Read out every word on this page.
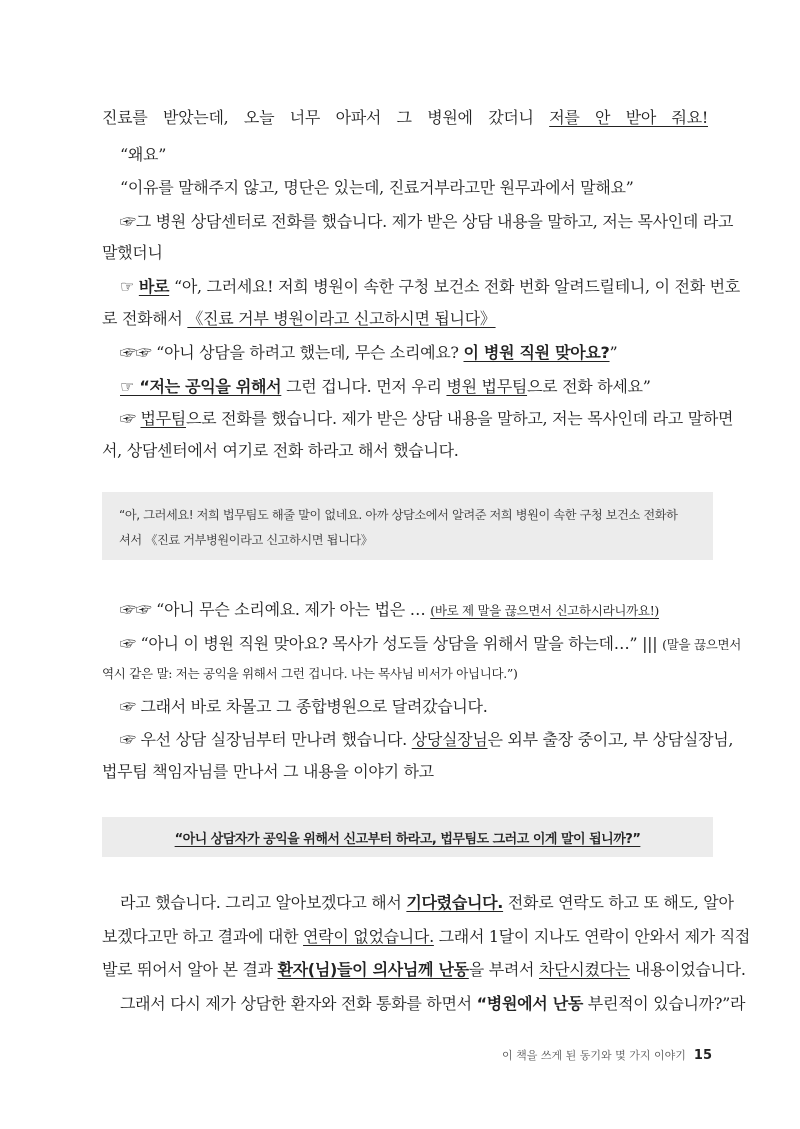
진료를 받았는데, 오늘 너무 아파서 그 병원에 갔더니 저를 안 받아 줘요!
“왜요”
“이유를 말해주지 않고, 명단은 있는데, 진료거부라고만 원무과에서 말해요”
☞그 병원 상담센터로 전화를 했습니다. 제가 받은 상담 내용을 말하고, 저는 목사인데 라고
말했더니
☞ 바로 “아, 그러세요! 저희 병원이 속한 구청 보건소 전화 번화 알려드릴테니, 이 전화 번호
로 전화해서 《진료 거부 병원이라고 신고하시면 됩니다》
☞☞ “아니 상담을 하려고 했는데, 무슨 소리예요? 이 병원 직원 맞아요?”
☞ “저는 공익을 위해서 그런 겁니다. 먼저 우리 병원 법무팀으로 전화 하세요”
☞ 법무팀으로 전화를 했습니다. 제가 받은 상담 내용을 말하고, 저는 목사인데 라고 말하면
서, 상담센터에서 여기로 전화 하라고 해서 했습니다.
“아, 그러세요! 저희 법무팀도 해줄 말이 없네요. 아까 상담소에서 알려준 저희 병원이 속한 구청 보건소 전화하
셔서 《진료 거부병원이라고 신고하시면 됩니다》
☞☞ “아니 무슨 소리예요. 제가 아는 법은 … (바로 제 말을 끊으면서 신고하시라니까요!)
☞ “아니 이 병원 직원 맞아요? 목사가 성도들 상담을 위해서 말을 하는데…” ||| (말을 끊으면서
역시 같은 말: 저는 공익을 위해서 그런 겁니다. 나는 목사님 비서가 아닙니다.”)
☞ 그래서 바로 차몰고 그 종합병원으로 달려갔습니다.
☞ 우선 상담 실장님부터 만나려 했습니다. 상당실장님은 외부 출장 중이고, 부 상담실장님,
법무팀 책임자님를 만나서 그 내용을 이야기 하고
“아니 상담자가 공익을 위해서 신고부터 하라고, 법무팀도 그러고 이게 말이 됩니까?”
라고 했습니다. 그리고 알아보겠다고 해서 기다렸습니다. 전화로 연락도 하고 또 해도, 알아
보겠다고만 하고 결과에 대한 연락이 없었습니다. 그래서 1달이 지나도 연락이 안와서 제가 직접
발로 뛰어서 알아 본 결과 환자(님)들이 의사님께 난동을 부려서 차단시켰다는 내용이었습니다.
그래서 다시 제가 상담한 환자와 전화 통화를 하면서 “병원에서 난동 부린적이 있습니까?”라
이 책을 쓰게 된 동기와 몇 가지 이야기 15
